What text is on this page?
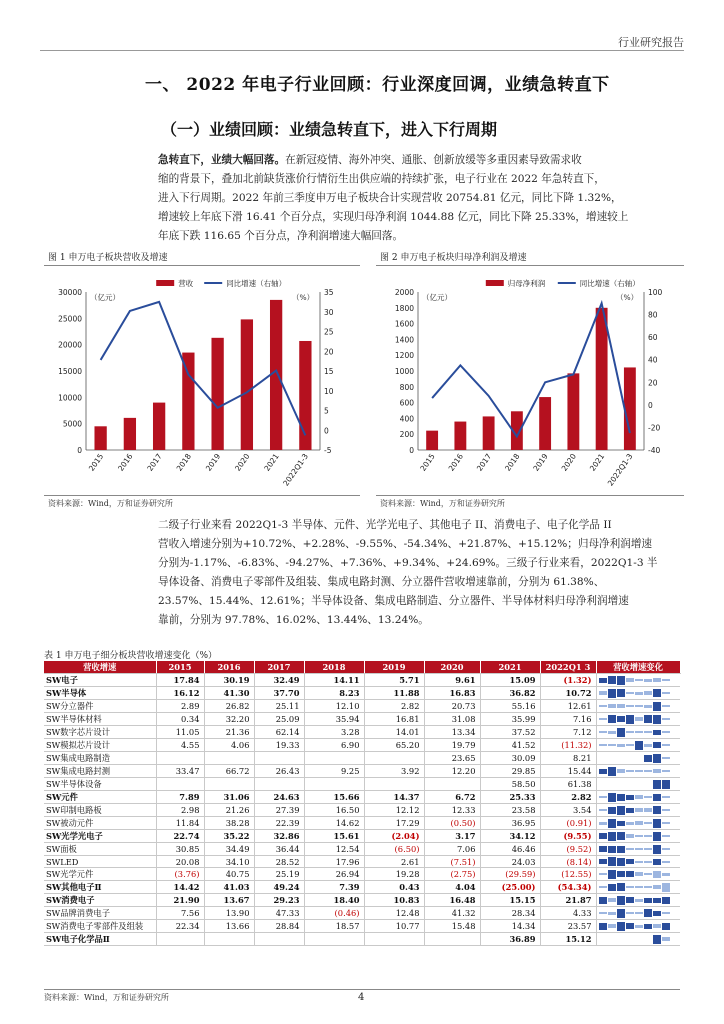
行业研究报告
一、 2022 年电子行业回顾：行业深度回调，业绩急转直下
（一）业绩回顾：业绩急转直下，进入下行周期
急转直下，业绩大幅回落。在新冠疫情、海外冲突、通胀、创新放缓等多重因素导致需求收
缩的背景下，叠加北前缺货涨价行情衍生出供应端的持续扩张，电子行业在 2022 年急转直下，
进入下行周期。2022 年前三季度申万电子板块合计实现营收 20754.81 亿元，同比下降 1.32%，
增速较上年底下滑 16.41 个百分点，实现归母净利润 1044.88 亿元，同比下降 25.33%，增速较上
年底下跌 116.65 个百分点，净利润增速大幅回落。
图 1 申万电子板块营收及增速	图 2 申万电子板块归母净利润及增速
0
5000
10000
15000
20000
25000
30000
-5
0
5
10
15
20
25
30
35
（亿元）	（%）
营收	同比增速（右轴）
2015 2016 2017 2018 2019 2020 2021 2022Q1-3
0
200
400
600
800
1000
1200
1400
1600
1800
2000
-40
-20
0
20
40
60
80
100
（亿元）	（%）
归母净利润	同比增速（右轴）
2015 2016 2017 2018 2019 2020 2021 2022Q1-3
资料来源：Wind，万和证券研究所	资料来源：Wind，万和证券研究所
二级子行业来看 2022Q1-3 半导体、元件、光学光电子、其他电子 II、消费电子、电子化学品 II
营收入增速分别为+10.72%、+2.28%、-9.55%、-54.34%、+21.87%、+15.12%；归母净利润增速
分别为-1.17%、-6.83%、-94.27%、+7.36%、+9.34%、+24.69%。三级子行业来看，2022Q1-3 半
导体设备、消费电子零部件及组装、集成电路封测、分立器件营收增速靠前，分别为 61.38%、
23.57%、15.44%、12.61%；半导体设备、集成电路制造、分立器件、半导体材料归母净利润增速
靠前，分别为 97.78%、16.02%、13.44%、13.24%。
表 1 申万电子细分板块营收增速变化（%）
营收增速	2015	2016	2017	2018	2019	2020	2021	2022Q1 3	营收增速变化
SW电子	17.84	30.19	32.49	14.11	5.71	9.61	15.09	(1.32)	

SW半导体	16.12	41.30	37.70	8.23	11.88	16.83	36.82	10.72	

SW分立器件	2.89	26.82	25.11	12.10	2.82	20.73	55.16	12.61	

SW半导体材料	0.34	32.20	25.09	35.94	16.81	31.08	35.99	7.16	

SW数字芯片设计	11.05	21.36	62.14	3.28	14.01	13.34	37.52	7.12	

SW模拟芯片设计	4.55	4.06	19.33	6.90	65.20	19.79	41.52	(11.32)	

SW集成电路制造						23.65	30.09	8.21	

SW集成电路封测	33.47	66.72	26.43	9.25	3.92	12.20	29.85	15.44	

SW半导体设备							58.50	61.38	

SW元件	7.89	31.06	24.63	15.66	14.37	6.72	25.33	2.82	

SW印制电路板	2.98	21.26	27.39	16.50	12.12	12.33	23.58	3.54	

SW被动元件	11.84	38.28	22.39	14.62	17.29	(0.50)	36.95	(0.91)	

SW光学光电子	22.74	35.22	32.86	15.61	(2.04)	3.17	34.12	(9.55)	

SW面板	30.85	34.49	36.44	12.54	(6.50)	7.06	46.46	(9.52)	

SWLED	20.08	34.10	28.52	17.96	2.61	(7.51)	24.03	(8.14)	

SW光学元件	(3.76)	40.75	25.19	26.94	19.28	(2.75)	(29.59)	(12.55)	

SW其他电子Ⅱ	14.42	41.03	49.24	7.39	0.43	4.04	(25.00)	(54.34)	

SW消费电子	21.90	13.67	29.23	18.40	10.83	16.48	15.15	21.87	

SW品牌消费电子	7.56	13.90	47.33	(0.46)	12.48	41.32	28.34	4.33	

SW消费电子零部件及组装	22.34	13.66	28.84	18.57	10.77	15.48	14.34	23.57	

SW电子化学品Ⅱ							36.89	15.12	
资料来源：Wind，万和证券研究所	4
